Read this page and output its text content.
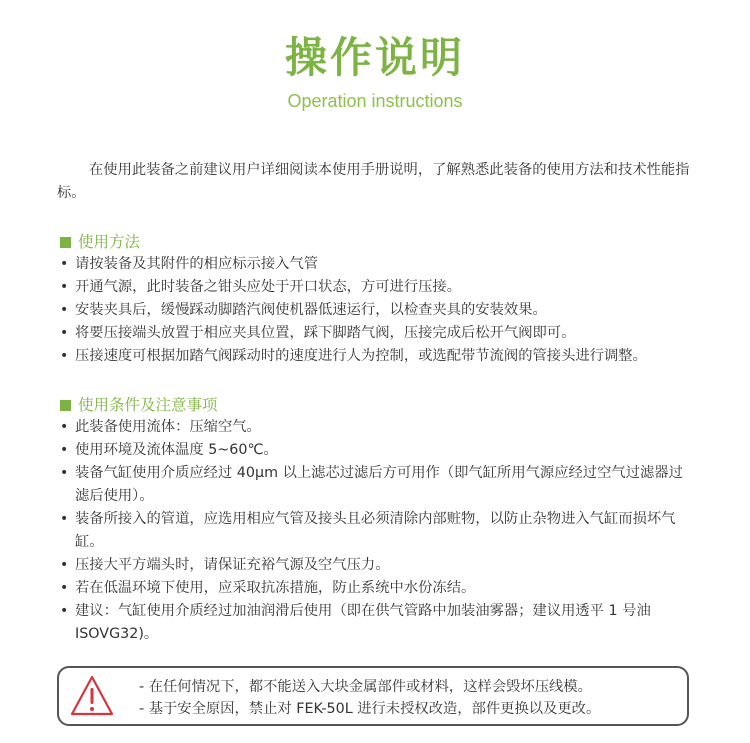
操作说明
Operation instructions
在使用此装备之前建议用户详细阅读本使用手册说明，了解熟悉此装备的使用方法和技术性能指标。
使用方法
• 请按装备及其附件的相应标示接入气管
• 开通气源，此时装备之钳头应处于开口状态，方可进行压接。
• 安装夹具后，缓慢踩动脚踏汽阀使机器低速运行，以检查夹具的安装效果。
• 将要压接端头放置于相应夹具位置，踩下脚踏气阀，压接完成后松开气阀即可。
• 压接速度可根据加踏气阀踩动时的速度进行人为控制，或选配带节流阀的管接头进行调整。
使用条件及注意事项
• 此装备使用流体：压缩空气。
• 使用环境及流体温度 5~60℃。
• 装备气缸使用介质应经过 40μm 以上滤芯过滤后方可用作（即气缸所用气源应经过空气过滤器过滤后使用）。
• 装备所接入的管道，应选用相应气管及接头且必须清除内部赃物，以防止杂物进入气缸而损坏气缸。
• 压接大平方端头时，请保证充裕气源及空气压力。
• 若在低温环境下使用，应采取抗冻措施，防止系统中水份冻结。
• 建议：气缸使用介质经过加油润滑后使用（即在供气管路中加装油雾器；建议用透平 1 号油 ISOVG32)。
- 在任何情况下，都不能送入大块金属部件或材料，这样会毁坏压线模。
- 基于安全原因，禁止对 FEK-50L 进行未授权改造，部件更换以及更改。
